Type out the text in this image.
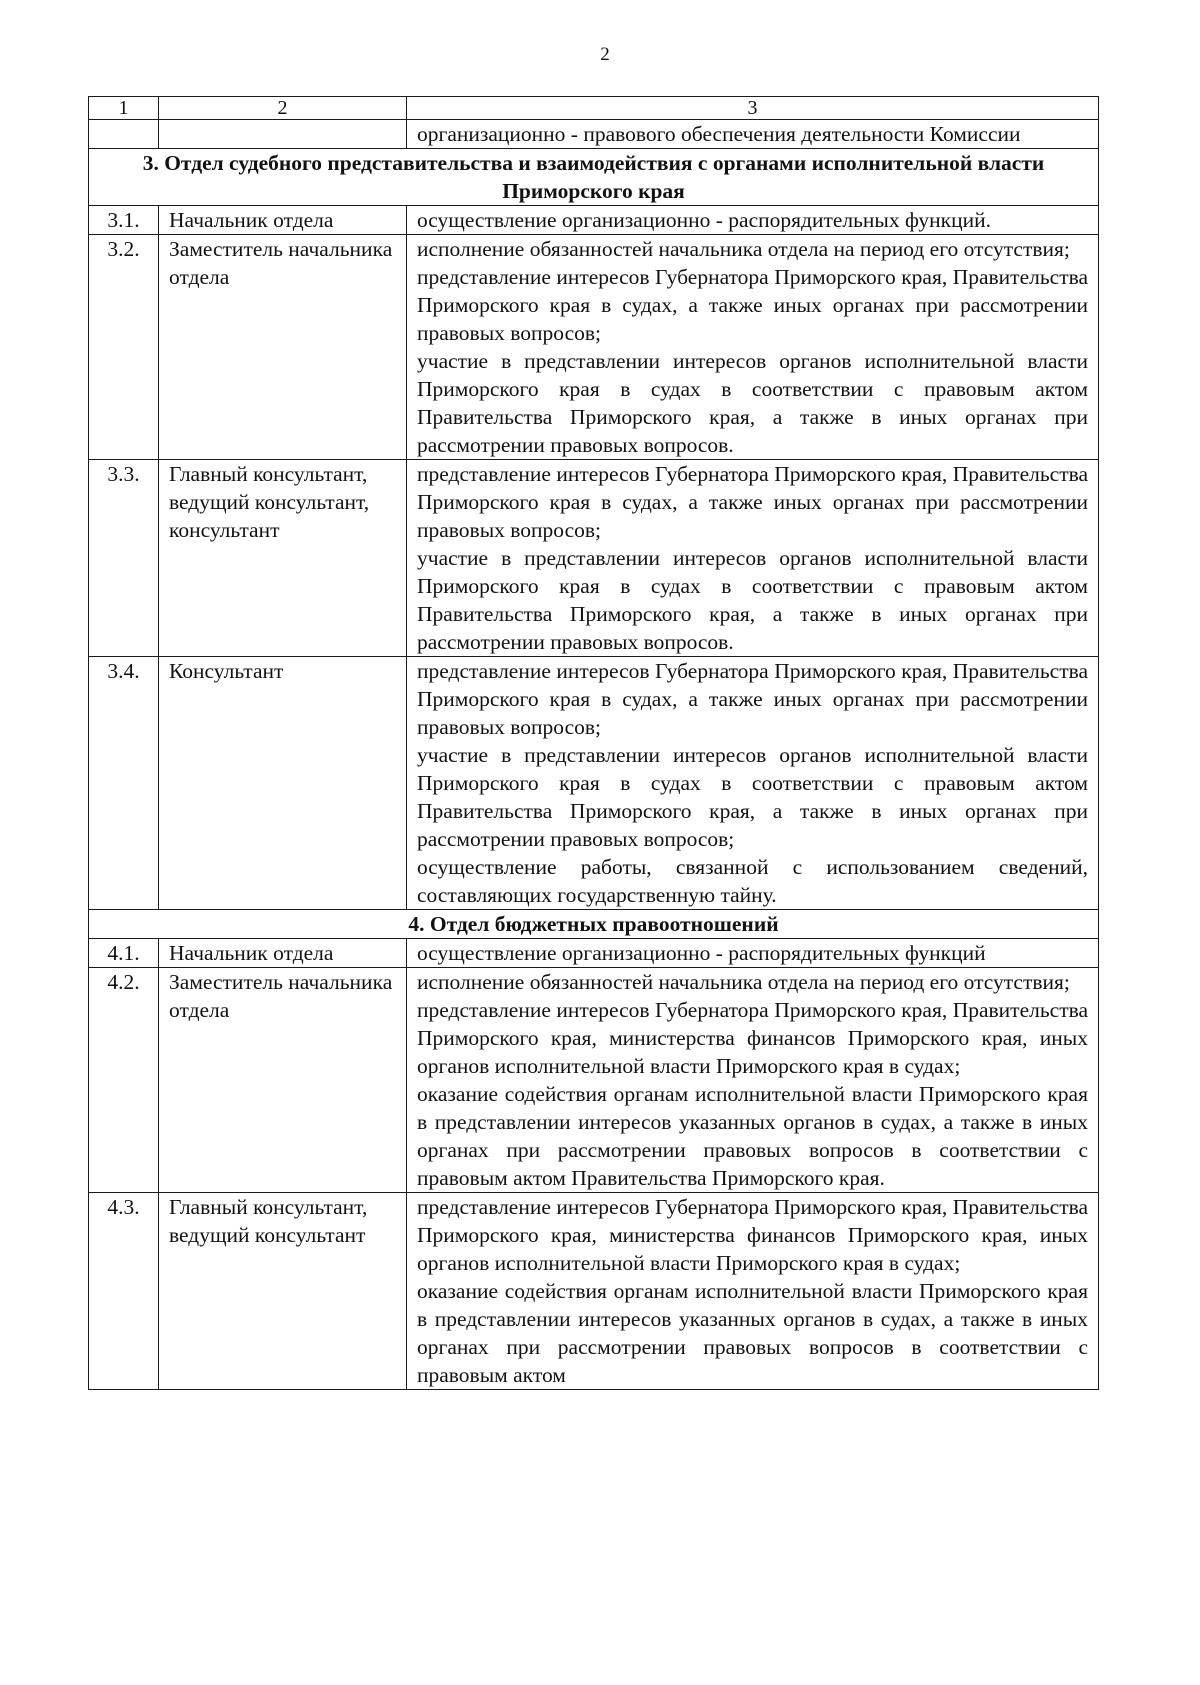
2
1	2	3

		организационно - правового обеспечения деятельности Комиссии

3. Отдел судебного представительства и взаимодействия с органами исполнительной власти Приморского края		
3.1.	Начальник отдела	осуществление организационно - распорядительных функций.

3.2.	Заместитель начальника отдела	исполнение обязанностей начальника отдела на период его отсутствия;
представление интересов Губернатора Приморского края, Правительства Приморского края в судах, а также иных органах при рассмотрении правовых вопросов;
участие в представлении интересов органов исполнительной власти Приморского края в судах в соответствии с правовым актом Правительства Приморского края, а также в иных органах при рассмотрении правовых вопросов.

3.3.	Главный консультант, ведущий консультант, консультант	представление интересов Губернатора Приморского края, Правительства Приморского края в судах, а также иных органах при рассмотрении правовых вопросов;
участие в представлении интересов органов исполнительной власти Приморского края в судах в соответствии с правовым актом Правительства Приморского края, а также в иных органах при рассмотрении правовых вопросов.

3.4.	Консультант	представление интересов Губернатора Приморского края, Правительства Приморского края в судах, а также иных органах при рассмотрении правовых вопросов;
участие в представлении интересов органов исполнительной власти Приморского края в судах в соответствии с правовым актом Правительства Приморского края, а также в иных органах при рассмотрении правовых вопросов;
осуществление работы, связанной с использованием сведений, составляющих государственную тайну.

4. Отдел бюджетных правоотношений		
4.1.	Начальник отдела	осуществление организационно - распорядительных функций

4.2.	Заместитель начальника отдела	исполнение обязанностей начальника отдела на период его отсутствия;
представление интересов Губернатора Приморского края, Правительства Приморского края, министерства финансов Приморского края, иных органов исполнительной власти Приморского края в судах;
оказание содействия органам исполнительной власти Приморского края в представлении интересов указанных органов в судах, а также в иных органах при рассмотрении правовых вопросов в соответствии с правовым актом Правительства Приморского края.

4.3.	Главный консультант, ведущий консультант	представление интересов Губернатора Приморского края, Правительства Приморского края, министерства финансов Приморского края, иных органов исполнительной власти Приморского края в судах;
оказание содействия органам исполнительной власти Приморского края в представлении интересов указанных органов в судах, а также в иных органах при рассмотрении правовых вопросов в соответствии с правовым актом
